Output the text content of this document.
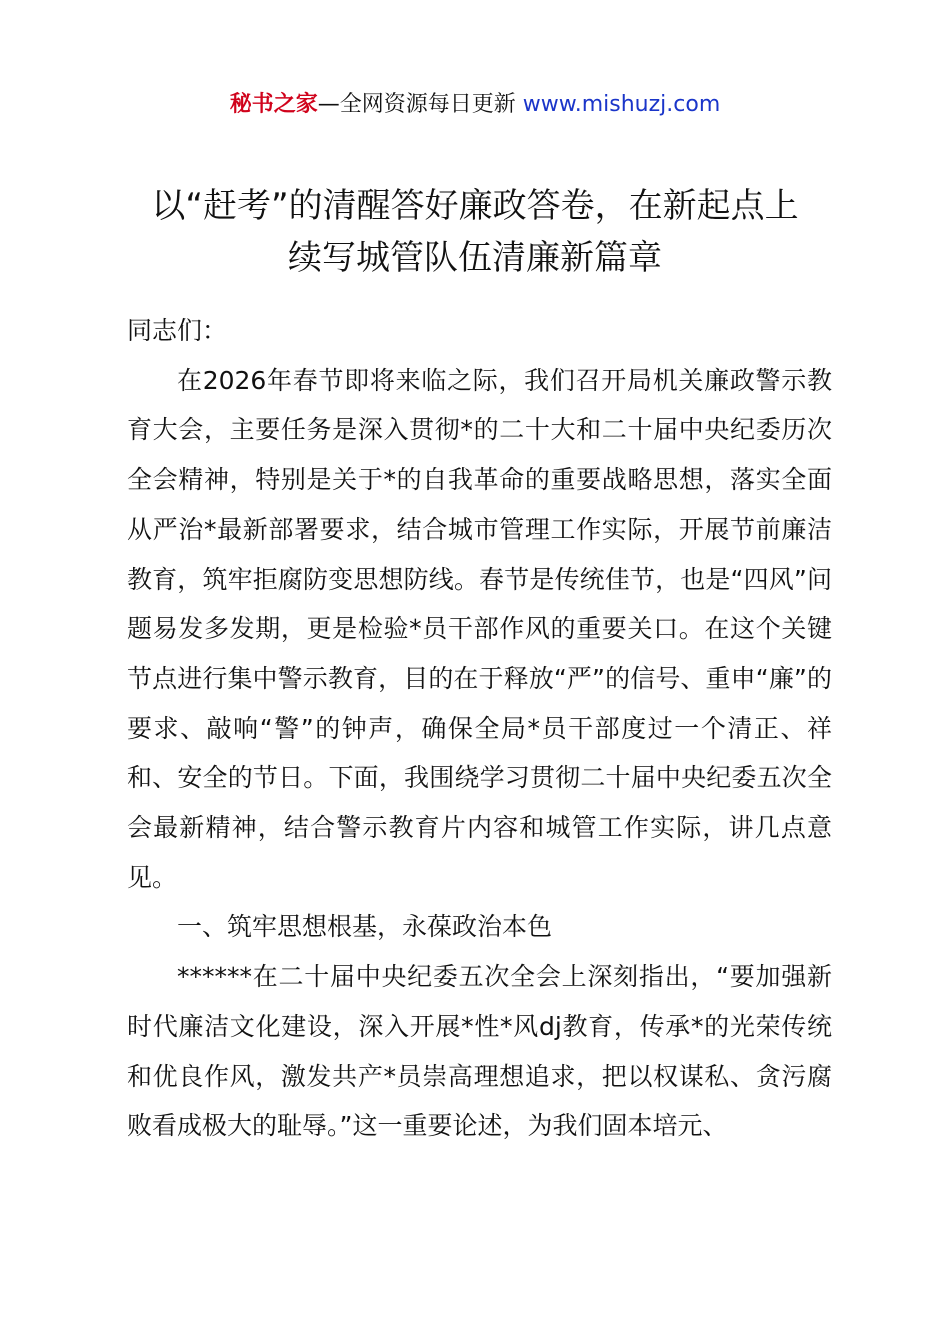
秘书之家—全网资源每日更新 www.mishuzj.com
以“赶考”的清醒答好廉政答卷，在新起点上
续写城管队伍清廉新篇章

同志们：

在2026年春节即将来临之际，我们召开局机关廉政警示教育大会，主要任务是深入贯彻*的二十大和二十届中央纪委历次全会精神，特别是关于*的自我革命的重要战略思想，落实全面从严治*最新部署要求，结合城市管理工作实际，开展节前廉洁教育，筑牢拒腐防变思想防线。春节是传统佳节，也是“四风”问题易发多发期，更是检验*员干部作风的重要关口。在这个关键节点进行集中警示教育，目的在于释放“严”的信号、重申“廉”的要求、敲响“警”的钟声，确保全局*员干部度过一个清正、祥和、安全的节日。下面，我围绕学习贯彻二十届中央纪委五次全会最新精神，结合警示教育片内容和城管工作实际，讲几点意见。

一、筑牢思想根基，永葆政治本色

******在二十届中央纪委五次全会上深刻指出，“要加强新时代廉洁文化建设，深入开展*性*风dj教育，传承*的光荣传统和优良作风，激发共产*员崇高理想追求，把以权谋私、贪污腐败看成极大的耻辱。”这一重要论述，为我们固本培元、
